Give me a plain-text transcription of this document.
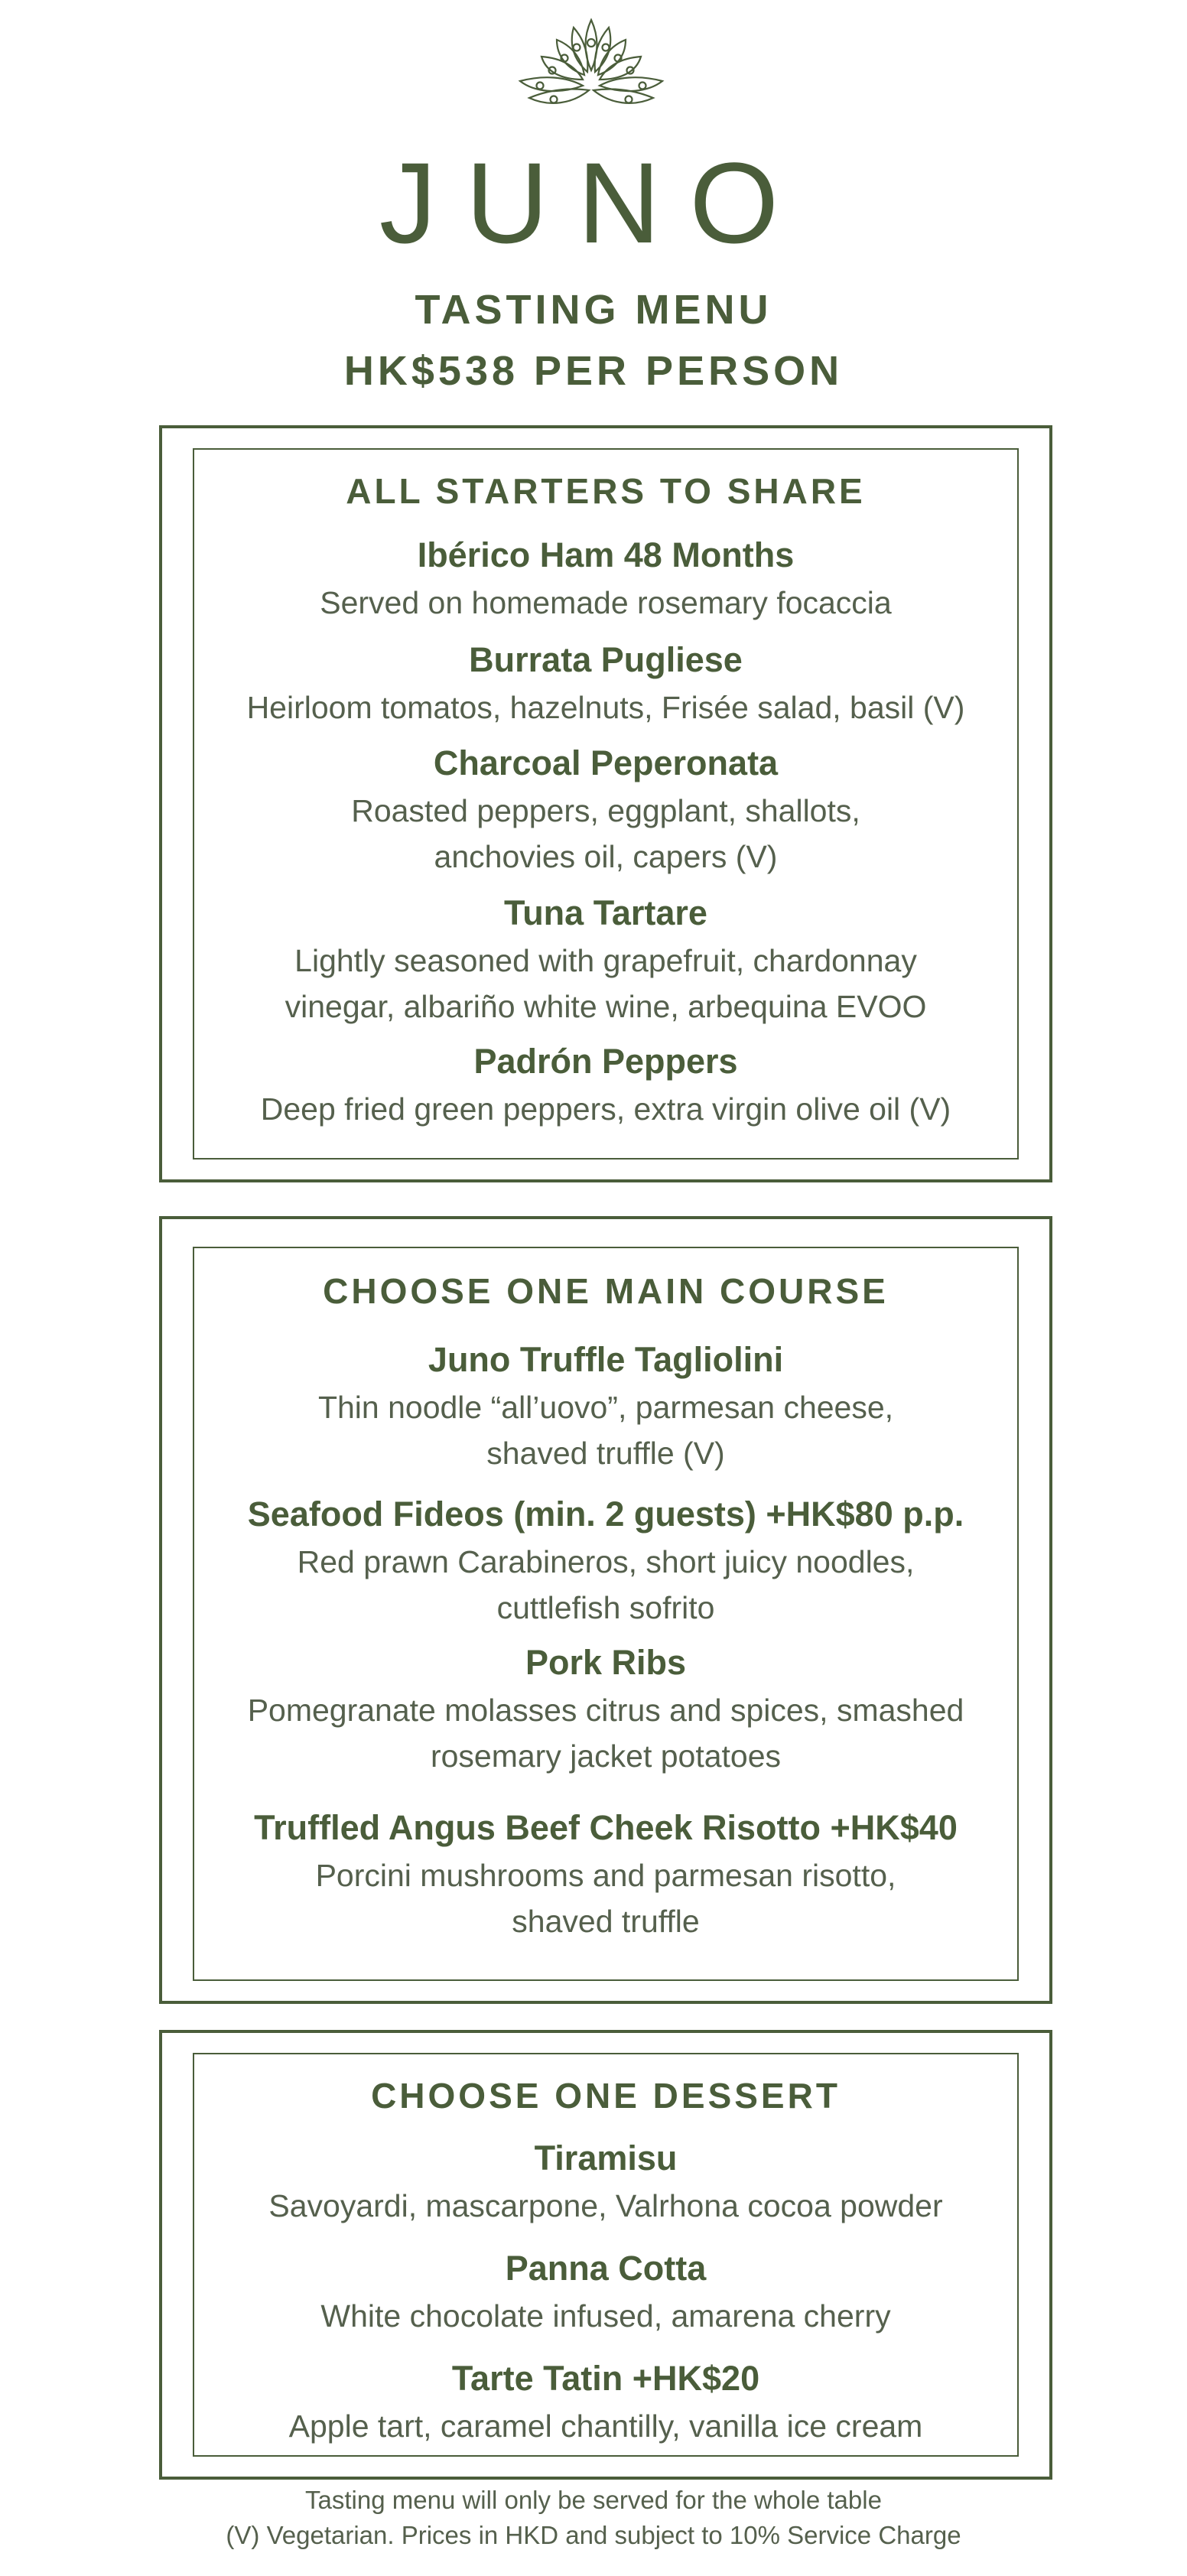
JUNO
TASTING MENU
HK$538 PER PERSON
ALL STARTERS TO SHARE
Ibérico Ham 48 Months
Served on homemade rosemary focaccia
Burrata Pugliese
Heirloom tomatos, hazelnuts, Frisée salad, basil (V)
Charcoal Peperonata
Roasted peppers, eggplant, shallots,
anchovies oil, capers (V)
Tuna Tartare
Lightly seasoned with grapefruit, chardonnay
vinegar, albariño white wine, arbequina EVOO
Padrón Peppers
Deep fried green peppers, extra virgin olive oil (V)
CHOOSE ONE MAIN COURSE
Juno Truffle Tagliolini
Thin noodle “all’uovo”, parmesan cheese,
shaved truffle (V)
Seafood Fideos (min. 2 guests) +HK$80 p.p.
Red prawn Carabineros, short juicy noodles,
cuttlefish sofrito
Pork Ribs
Pomegranate molasses citrus and spices, smashed
rosemary jacket potatoes
Truffled Angus Beef Cheek Risotto +HK$40
Porcini mushrooms and parmesan risotto,
shaved truffle
CHOOSE ONE DESSERT
Tiramisu
Savoyardi, mascarpone, Valrhona cocoa powder
Panna Cotta
White chocolate infused, amarena cherry
Tarte Tatin +HK$20
Apple tart, caramel chantilly, vanilla ice cream
Tasting menu will only be served for the whole table
(V) Vegetarian. Prices in HKD and subject to 10% Service Charge
